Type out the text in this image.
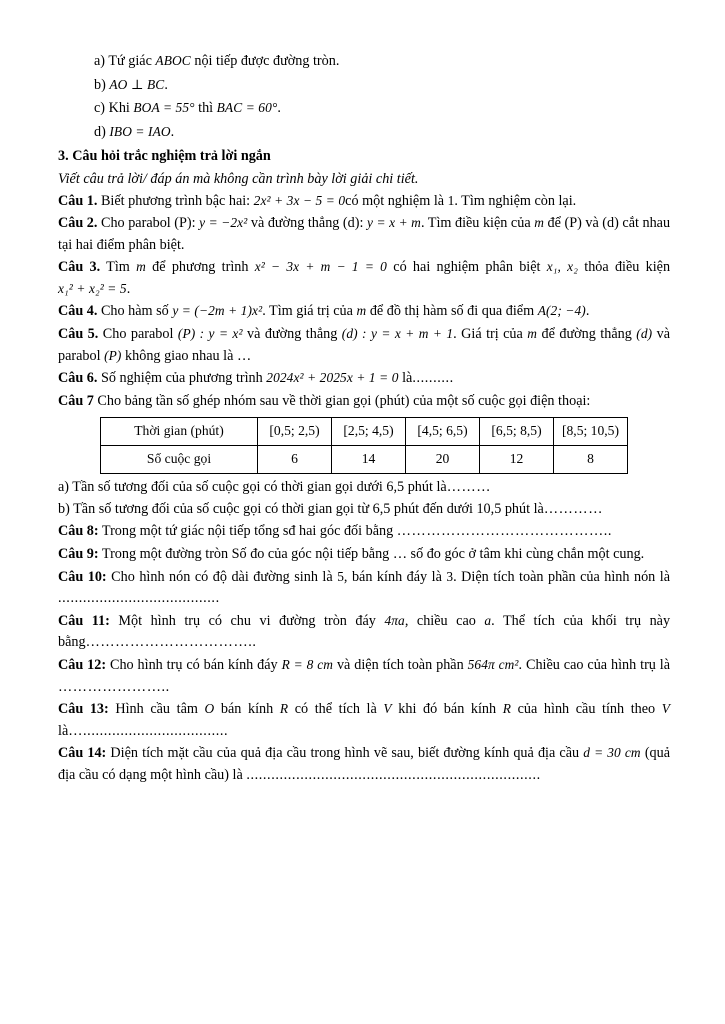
a) Tứ giác ABOC nội tiếp được đường tròn.
b) AO ⊥ BC.
c) Khi BOA = 55° thì BAC = 60°.
d) IBO = IAO.
3. Câu hỏi trắc nghiệm trả lời ngắn
Viết câu trả lời/ đáp án mà không cần trình bày lời giải chi tiết.
Câu 1. Biết phương trình bậc hai: 2x² + 3x − 5 = 0có một nghiệm là 1. Tìm nghiệm còn lại.
Câu 2. Cho parabol (P): y = −2x² và đường thẳng (d): y = x + m. Tìm điều kiện của m để (P) và (d) cắt nhau tại hai điểm phân biệt.
Câu 3. Tìm m để phương trình x² − 3x + m − 1 = 0 có hai nghiệm phân biệt x₁, x₂ thỏa điều kiện x₁² + x₂² = 5.
Câu 4. Cho hàm số y = (−2m + 1)x². Tìm giá trị của m để đồ thị hàm số đi qua điểm A(2; −4).
Câu 5. Cho parabol (P) : y = x² và đường thẳng (d) : y = x + m + 1. Giá trị của m để đường thẳng (d) và parabol (P) không giao nhau là …
Câu 6. Số nghiệm của phương trình 2024x² + 2025x + 1 = 0 là..........
Câu 7 Cho bảng tần số ghép nhóm sau về thời gian gọi (phút) của một số cuộc gọi điện thoại:
Thời gian (phút)	[0,5; 2,5)	[2,5; 4,5)	[4,5; 6,5)	[6,5; 8,5)	[8,5; 10,5)
Số cuộc gọi	6	14	20	12	8
a) Tần số tương đối của số cuộc gọi có thời gian gọi dưới 6,5 phút là………
b) Tần số tương đối của số cuộc gọi có thời gian gọi từ 6,5 phút đến dưới 10,5 phút là…………
Câu 8: Trong một tứ giác nội tiếp tổng sđ hai góc đối bằng ……………………………………..
Câu 9: Trong một đường tròn Số đo của góc nội tiếp bằng … số đo góc ở tâm khi cùng chắn một cung.
Câu 10: Cho hình nón có độ dài đường sinh là 5, bán kính đáy là 3. Diện tích toàn phần của hình nón là .......................................
Câu 11: Một hình trụ có chu vi đường tròn đáy 4πa, chiều cao a. Thể tích của khối trụ này bằng……………………………..
Câu 12: Cho hình trụ có bán kính đáy R = 8 cm và diện tích toàn phần 564π cm². Chiều cao của hình trụ là …………………..
Câu 13: Hình cầu tâm O bán kính R có thể tích là V khi đó bán kính R của hình cầu tính theo V là…...................................
Câu 14: Diện tích mặt cầu của quả địa cầu trong hình vẽ sau, biết đường kính quả địa cầu d = 30 cm (quả địa cầu có dạng một hình cầu) là .......................................................................
